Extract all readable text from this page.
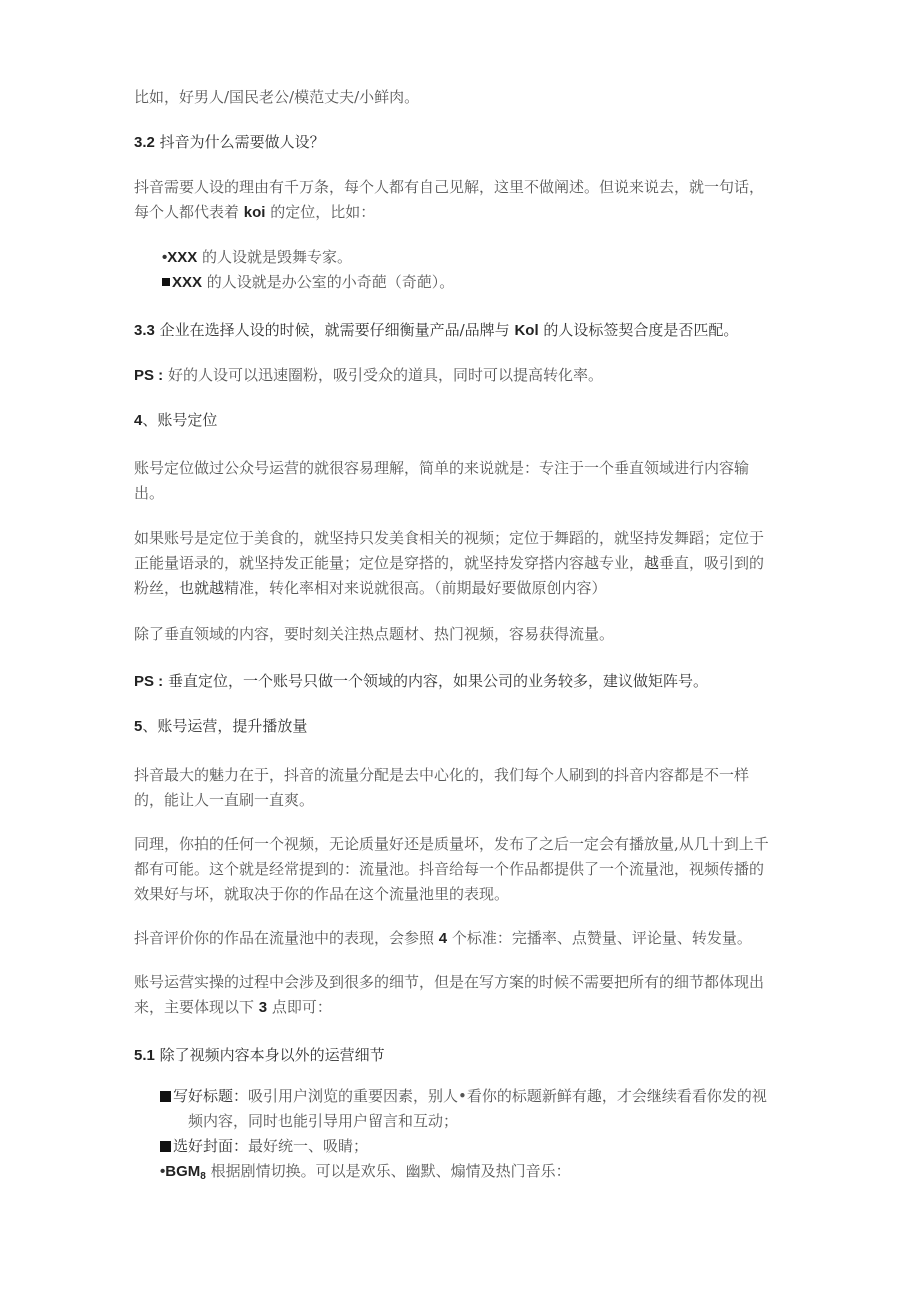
比如，好男人/国民老公/模范丈夫/小鲜肉。

3.2 抖音为什么需要做人设？

抖音需要人设的理由有千万条，每个人都有自己见解，这里不做阐述。但说来说去，就一句话，
每个人都代表着 koi 的定位，比如：

•XXX 的人设就是毁舞专家。
XXX 的人设就是办公室的小奇葩（奇葩）。

3.3 企业在选择人设的时候，就需要仔细衡量产品/品牌与 Kol 的人设标签契合度是否匹配。

PS : 好的人设可以迅速圈粉，吸引受众的道具，同时可以提高转化率。

4、账号定位

账号定位做过公众号运营的就很容易理解，简单的来说就是：专注于一个垂直领域进行内容输
出。

如果账号是定位于美食的，就坚持只发美食相关的视频；定位于舞蹈的，就坚持发舞蹈；定位于
正能量语录的，就坚持发正能量；定位是穿搭的，就坚持发穿搭内容越专业，越垂直，吸引到的
粉丝，也就越精准，转化率相对来说就很高。（前期最好要做原创内容）

除了垂直领域的内容，要时刻关注热点题材、热门视频，容易获得流量。

PS : 垂直定位，一个账号只做一个领域的内容，如果公司的业务较多，建议做矩阵号。

5、账号运营，提升播放量

抖音最大的魅力在于，抖音的流量分配是去中心化的，我们每个人刷到的抖音内容都是不一样
的，能让人一直刷一直爽。

同理，你拍的任何一个视频，无论质量好还是质量坏，发布了之后一定会有播放量,从几十到上千
都有可能。这个就是经常提到的：流量池。抖音给每一个作品都提供了一个流量池，视频传播的
效果好与坏，就取决于你的作品在这个流量池里的表现。

抖音评价你的作品在流量池中的表现，会参照 4 个标准：完播率、点赞量、评论量、转发量。

账号运营实操的过程中会涉及到很多的细节，但是在写方案的时候不需要把所有的细节都体现出
来，主要体现以下 3 点即可：

5.1 除了视频内容本身以外的运营细节

写好标题：吸引用户浏览的重要因素，别人•看你的标题新鲜有趣，才会继续看看你发的视
频内容，同时也能引导用户留言和互动；
选好封面：最好统一、吸睛；
$•BGM_8$ 根据剧情切换。可以是欢乐、幽默、煽情及热门音乐：
